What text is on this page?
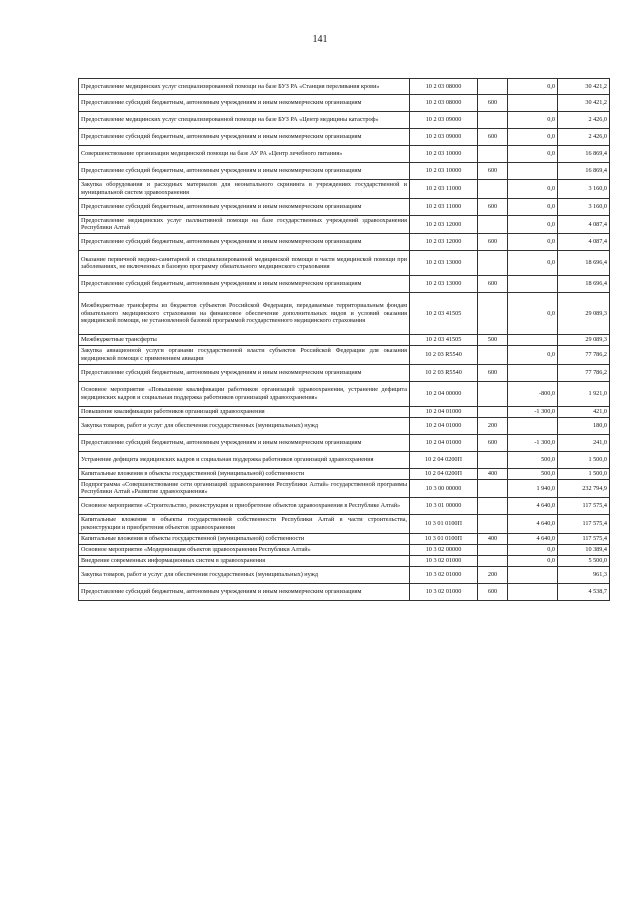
141
Предоставление медицинских услуг специализированной помощи на базе БУЗ РА «Станция переливания крови»	10 2 03 08000		0,0	30 421,2
Предоставление субсидий бюджетным, автономным учреждениям и иным некоммерческим организациям	10 2 03 08000	600		30 421,2
Предоставление медицинских услуг специализированной помощи на базе БУЗ РА «Центр медицины катастроф»	10 2 03 09000		0,0	2 426,0
Предоставление субсидий бюджетным, автономным учреждениям и иным некоммерческим организациям	10 2 03 09000	600	0,0	2 426,0
Совершенствование организации медицинской помощи на базе АУ РА «Центр лечебного питания»	10 2 03 10000		0,0	16 869,4
Предоставление субсидий бюджетным, автономным учреждениям и иным некоммерческим организациям	10 2 03 10000	600		16 869,4
Закупка оборудования и расходных материалов для неонатального скрининга в учреждениях государственной и муниципальной систем здравоохранения	10 2 03 11000		0,0	3 160,0
Предоставление субсидий бюджетным, автономным учреждениям и иным некоммерческим организациям	10 2 03 11000	600	0,0	3 160,0
Предоставление медицинских услуг паллиативной помощи на базе государственных учреждений здравоохранения Республики Алтай	10 2 03 12000		0,0	4 087,4
Предоставление субсидий бюджетным, автономным учреждениям и иным некоммерческим организациям	10 2 03 12000	600	0,0	4 087,4
Оказание первичной медико-санитарной и специализированной медицинской помощи в части медицинской помощи при заболеваниях, не включенных в базовую программу обязательного медицинского страхования	10 2 03 13000		0,0	18 696,4
Предоставление субсидий бюджетным, автономным учреждениям и иным некоммерческим организациям	10 2 03 13000	600		18 696,4
Межбюджетные трансферты из бюджетов субъектов Российской Федерации, передаваемые территориальным фондам обязательного медицинского страхования на финансовое обеспечение дополнительных видов и условий оказания медицинской помощи, не установленной базовой программой государственного медицинского страхования	10 2 03 41505		0,0	29 089,3
Межбюджетные трансферты	10 2 03 41505	500		29 089,3
Закупка авиационной услуги органами государственной власти субъектов Российской Федерации для оказания медицинской помощи с применением авиации	10 2 03 R5540		0,0	77 786,2
Предоставление субсидий бюджетным, автономным учреждениям и иным некоммерческим организациям	10 2 03 R5540	600		77 786,2
Основное мероприятие «Повышение квалификации работников организаций здравоохранения, устранение дефицита медицинских кадров и социальная поддержка работников организаций здравоохранения»	10 2 04 00000		-800,0	1 921,0
Повышение квалификации работников организаций здравоохранения	10 2 04 01000		-1 300,0	421,0
Закупка товаров, работ и услуг для обеспечения государственных (муниципальных) нужд	10 2 04 01000	200		180,0
Предоставление субсидий бюджетным, автономным учреждениям и иным некоммерческим организациям	10 2 04 01000	600	-1 300,0	241,0
Устранение дефицита медицинских кадров и социальная поддержка работников организаций здравоохранения	10 2 04 0200П		500,0	1 500,0
Капитальные вложения в объекты государственной (муниципальной) собственности	10 2 04 0200П	400	500,0	1 500,0
Подпрограмма «Совершенствование сети организаций здравоохранения Республики Алтай» государственной программы Республики Алтай «Развитие здравоохранения»	10 3 00 00000		1 940,0	232 794,9
Основное мероприятие «Строительство, реконструкция и приобретение объектов здравоохранения в Республике Алтай»	10 3 01 00000		4 640,0	117 575,4
Капитальные вложения в объекты государственной собственности Республики Алтай в части строительства, реконструкции и приобретения объектов здравоохранения	10 3 01 0100П		4 640,0	117 575,4
Капитальные вложения в объекты государственной (муниципальной) собственности	10 3 01 0100П	400	4 640,0	117 575,4
Основное мероприятие «Модернизация объектов здравоохранения Республики Алтай»	10 3 02 00000		0,0	10 389,4
Внедрение современных информационных систем в здравоохранения	10 3 02 01000		0,0	5 500,0
Закупка товаров, работ и услуг для обеспечения государственных (муниципальных) нужд	10 3 02 01000	200		961,3
Предоставление субсидий бюджетным, автономным учреждениям и иным некоммерческим организациям	10 3 02 01000	600		4 538,7
